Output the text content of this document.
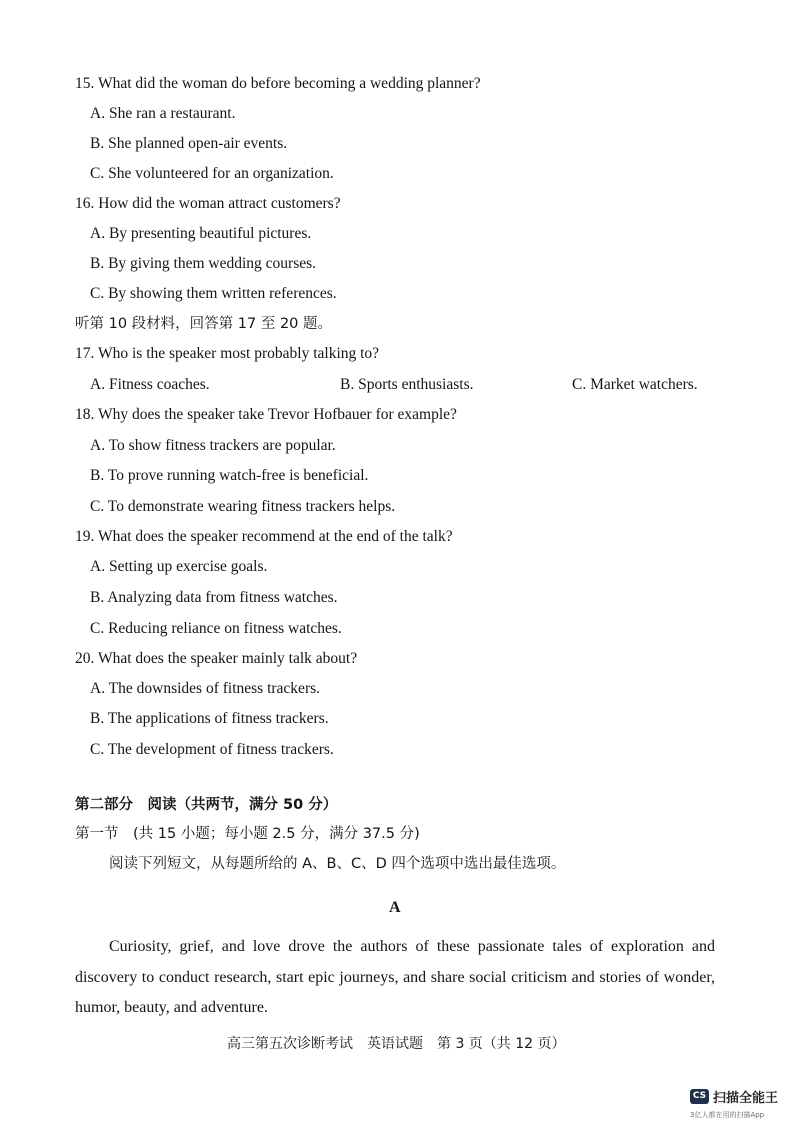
15. What did the woman do before becoming a wedding planner?
A. She ran a restaurant.
B. She planned open-air events.
C. She volunteered for an organization.
16. How did the woman attract customers?
A. By presenting beautiful pictures.
B. By giving them wedding courses.
C. By showing them written references.
听第 10 段材料，回答第 17 至 20 题。
17. Who is the speaker most probably talking to?
A. Fitness coaches.	B. Sports enthusiasts.	C. Market watchers.
18. Why does the speaker take Trevor Hofbauer for example?
A. To show fitness trackers are popular.
B. To prove running watch-free is beneficial.
C. To demonstrate wearing fitness trackers helps.
19. What does the speaker recommend at the end of the talk?
A. Setting up exercise goals.
B. Analyzing data from fitness watches.
C. Reducing reliance on fitness watches.
20. What does the speaker mainly talk about?
A. The downsides of fitness trackers.
B. The applications of fitness trackers.
C. The development of fitness trackers.
第二部分　阅读（共两节，满分 50 分）
第一节　(共 15 小题；每小题 2.5 分，满分 37.5 分)
阅读下列短文，从每题所给的 A、B、C、D 四个选项中选出最佳选项。
A
Curiosity, grief, and love drove the authors of these passionate tales of exploration and discovery to conduct research, start epic journeys, and share social criticism and stories of wonder, humor, beauty, and adventure.
高三第五次诊断考试　英语试题　第 3 页（共 12 页）
CS 扫描全能王
3亿人都在用的扫描App
